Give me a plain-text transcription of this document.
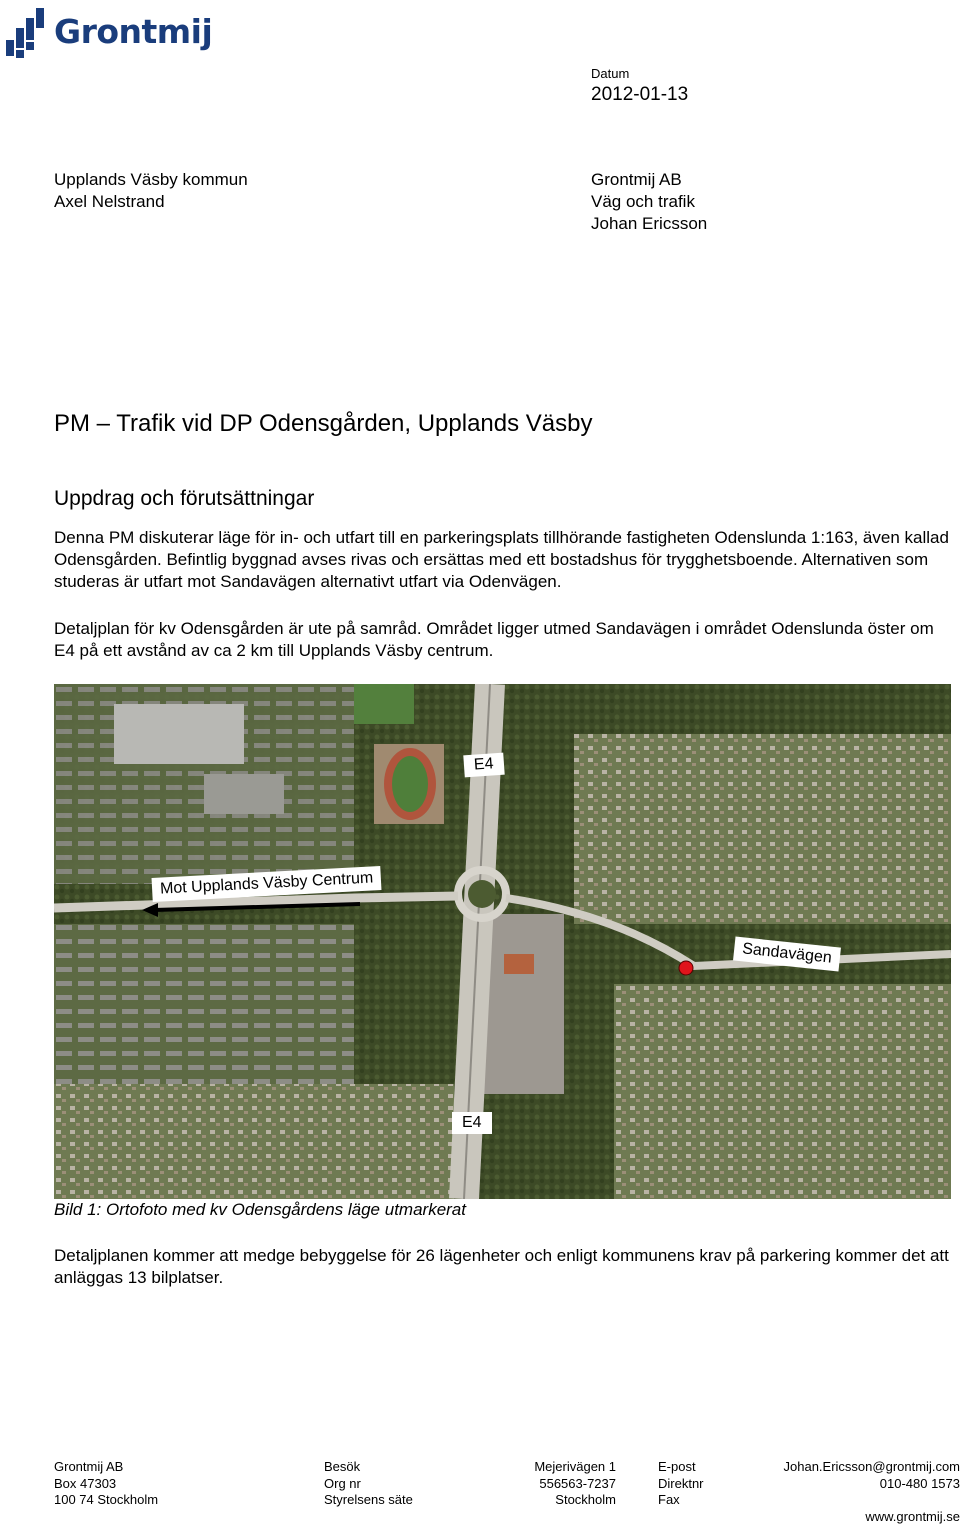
Grontmij
Datum
2012-01-13
Upplands Väsby kommun
Axel Nelstrand
Grontmij AB
Väg och trafik
Johan Ericsson
PM – Trafik vid DP Odensgården, Upplands Väsby
Uppdrag och förutsättningar

Denna PM diskuterar läge för in- och utfart till en parkeringsplats tillhörande fastigheten Odenslunda 1:163, även kallad Odensgården. Befintlig byggnad avses rivas och ersättas med ett bostadshus för trygghetsboende. Alternativen som studeras är utfart mot Sandavägen alternativt utfart via Odenvägen.

Detaljplan för kv Odensgården är ute på samråd. Området ligger utmed Sandavägen i området Odenslunda öster om E4 på ett avstånd av ca 2 km till Upplands Väsby centrum.

E4
Mot Upplands Väsby Centrum
Sandavägen
E4
Bild 1: Ortofoto med kv Odensgårdens läge utmarkerat

Detaljplanen kommer att medge bebyggelse för 26 lägenheter och enligt kommunens krav på parkering kommer det att anläggas 13 bilplatser.

Grontmij AB
Box 47303
100 74 Stockholm
Besök
Org nr
Styrelsens säte
Mejerivägen 1
556563-7237
Stockholm
E-post
Direktnr
Fax
Johan.Ericsson@grontmij.com
010-480 1573
www.grontmij.se
